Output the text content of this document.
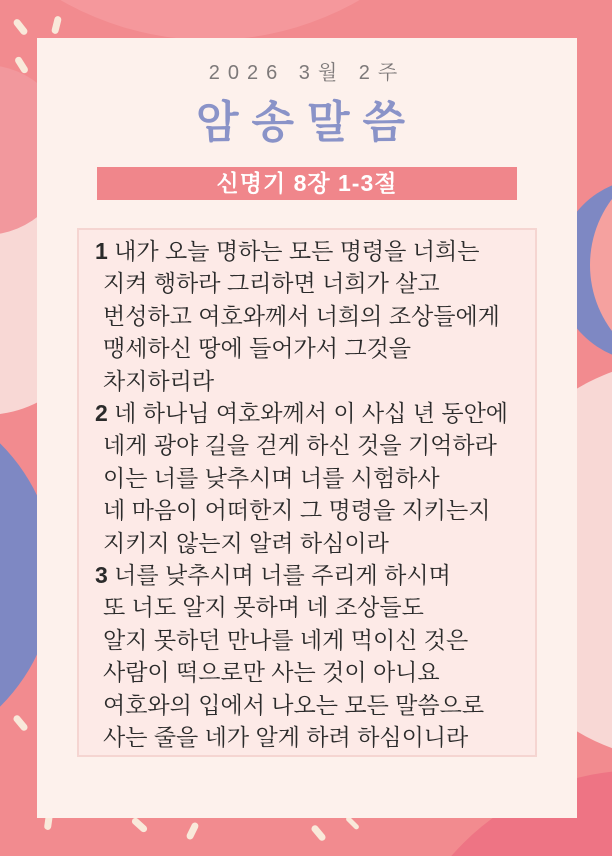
2026 3월 2주
암송말씀
신명기 8장 1-3절
1 내가 오늘 명하는 모든 명령을 너희는
지켜 행하라 그리하면 너희가 살고
번성하고 여호와께서 너희의 조상들에게
맹세하신 땅에 들어가서 그것을
차지하리라
2 네 하나님 여호와께서 이 사십 년 동안에
네게 광야 길을 걷게 하신 것을 기억하라
이는 너를 낮추시며 너를 시험하사
네 마음이 어떠한지 그 명령을 지키는지
지키지 않는지 알려 하심이라
3 너를 낮추시며 너를 주리게 하시며
또 너도 알지 못하며 네 조상들도
알지 못하던 만나를 네게 먹이신 것은
사람이 떡으로만 사는 것이 아니요
여호와의 입에서 나오는 모든 말씀으로
사는 줄을 네가 알게 하려 하심이니라
